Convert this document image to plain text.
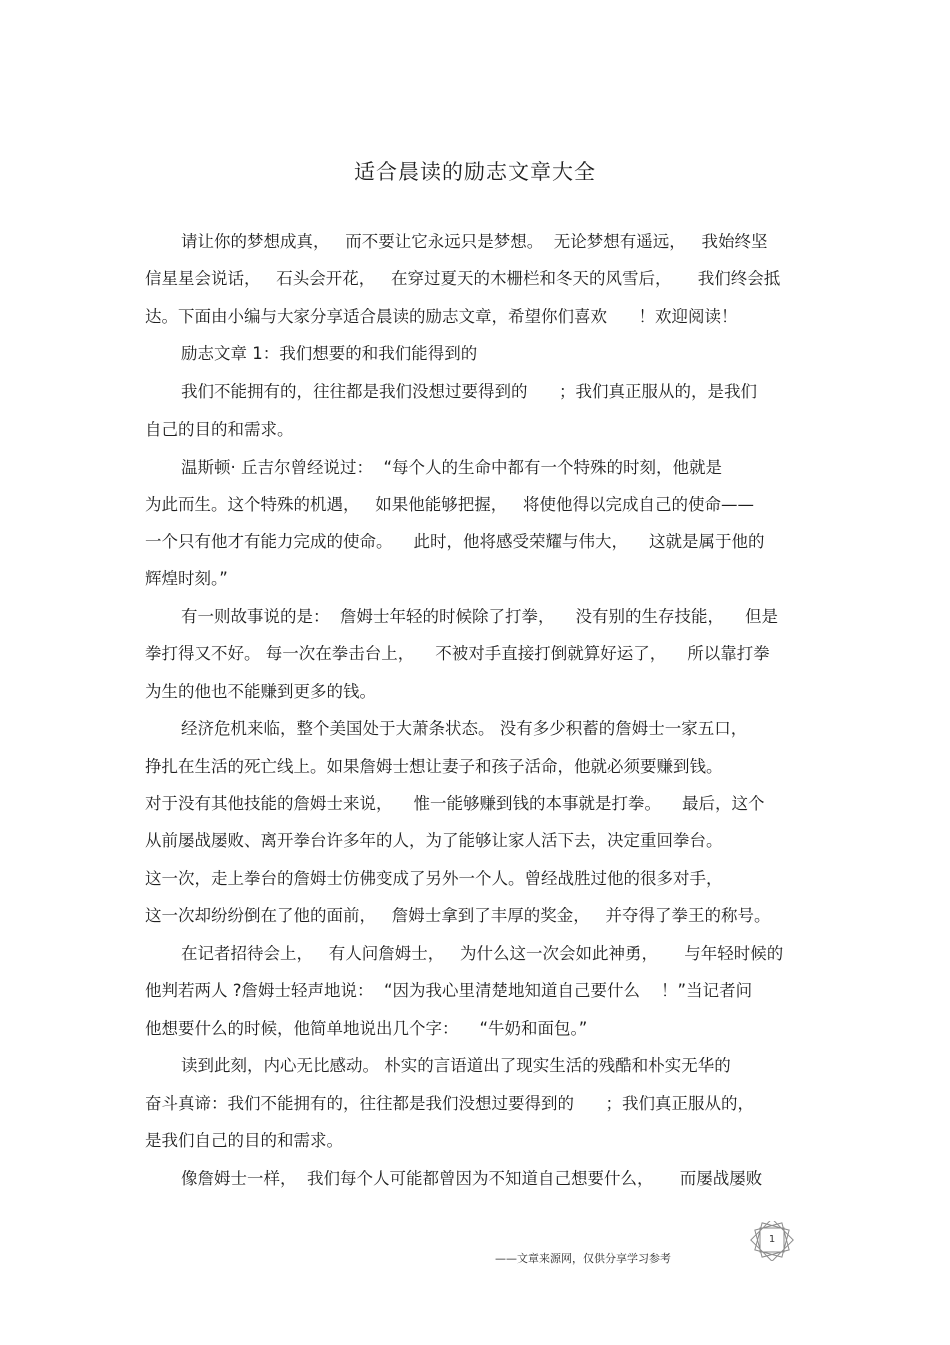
适合晨读的励志文章大全
请让你的梦想成真，   而不要让它永远只是梦想。  无论梦想有遥远，   我始终坚
信星星会说话，   石头会开花，   在穿过夏天的木栅栏和冬天的风雪后，     我们终会抵
达。下面由小编与大家分享适合晨读的励志文章，希望你们喜欢      ！欢迎阅读！
励志文章 1：我们想要的和我们能得到的
我们不能拥有的，往往都是我们没想过要得到的      ；我们真正服从的，是我们
自己的目的和需求。
温斯顿· 丘吉尔曾经说过：  “每个人的生命中都有一个特殊的时刻，他就是
为此而生。这个特殊的机遇，   如果他能够把握，   将使他得以完成自己的使命——
一个只有他才有能力完成的使命。    此时，他将感受荣耀与伟大，    这就是属于他的
辉煌时刻。”
有一则故事说的是：  詹姆士年轻的时候除了打拳，    没有别的生存技能，    但是
拳打得又不好。 每一次在拳击台上，    不被对手直接打倒就算好运了，    所以靠打拳
为生的他也不能赚到更多的钱。
经济危机来临，整个美国处于大萧条状态。 没有多少积蓄的詹姆士一家五口，
挣扎在生活的死亡线上。如果詹姆士想让妻子和孩子活命，他就必须要赚到钱。
对于没有其他技能的詹姆士来说，    惟一能够赚到钱的本事就是打拳。    最后，这个
从前屡战屡败、离开拳台许多年的人，为了能够让家人活下去，决定重回拳台。
这一次，走上拳台的詹姆士仿佛变成了另外一个人。曾经战胜过他的很多对手，
这一次却纷纷倒在了他的面前，   詹姆士拿到了丰厚的奖金，   并夺得了拳王的称号。
在记者招待会上，   有人问詹姆士，   为什么这一次会如此神勇，     与年轻时候的
他判若两人 ?詹姆士轻声地说：  “因为我心里清楚地知道自己要什么    ！”当记者问
他想要什么的时候，他简单地说出几个字：    “牛奶和面包。”
读到此刻，内心无比感动。 朴实的言语道出了现实生活的残酷和朴实无华的
奋斗真谛：我们不能拥有的，往往都是我们没想过要得到的      ；我们真正服从的，
是我们自己的目的和需求。
像詹姆士一样，  我们每个人可能都曾因为不知道自己想要什么，     而屡战屡败
1
——文章来源网，仅供分享学习参考
